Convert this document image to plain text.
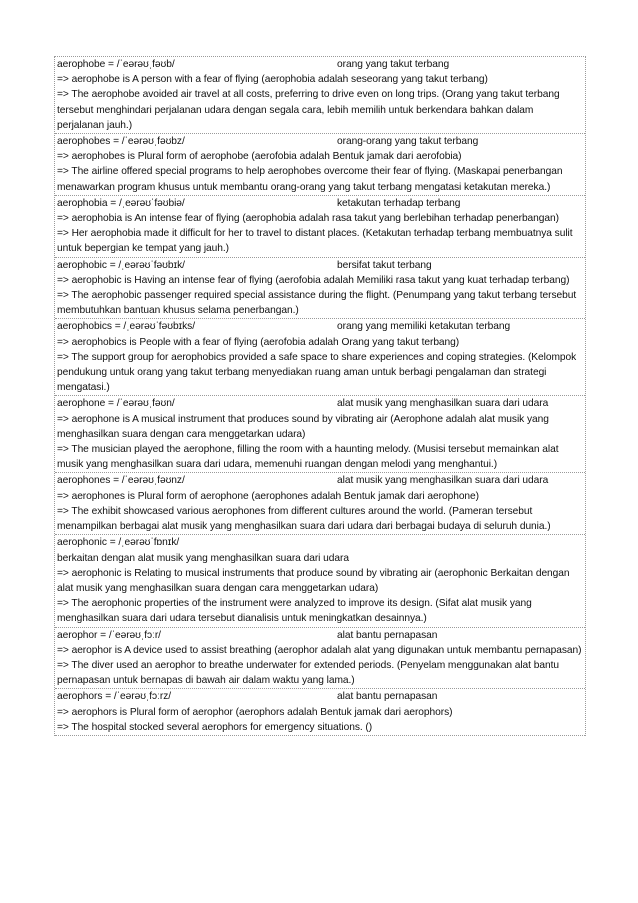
aerophobe = /ˈeərəʊˌfəʊb/	orang yang takut terbang
=> aerophobe is A person with a fear of flying (aerophobia adalah seseorang yang takut terbang)
=> The aerophobe avoided air travel at all costs, preferring to drive even on long trips. (Orang yang takut terbang tersebut menghindari perjalanan udara dengan segala cara, lebih memilih untuk berkendara bahkan dalam perjalanan jauh.)
aerophobes = /ˈeərəʊˌfəʊbz/	orang-orang yang takut terbang
=> aerophobes is Plural form of aerophobe (aerofobia adalah Bentuk jamak dari aerofobia)
=> The airline offered special programs to help aerophobes overcome their fear of flying. (Maskapai penerbangan menawarkan program khusus untuk membantu orang-orang yang takut terbang mengatasi ketakutan mereka.)
aerophobia = /ˌeərəʊˈfəʊbiə/	ketakutan terhadap terbang
=> aerophobia is An intense fear of flying (aerophobia adalah rasa takut yang berlebihan terhadap penerbangan)
=> Her aerophobia made it difficult for her to travel to distant places. (Ketakutan terhadap terbang membuatnya sulit untuk bepergian ke tempat yang jauh.)
aerophobic = /ˌeərəʊˈfəʊbɪk/	bersifat takut terbang
=> aerophobic is Having an intense fear of flying (aerofobia adalah Memiliki rasa takut yang kuat terhadap terbang)
=> The aerophobic passenger required special assistance during the flight. (Penumpang yang takut terbang tersebut membutuhkan bantuan khusus selama penerbangan.)
aerophobics = /ˌeərəʊˈfəʊbɪks/	orang yang memiliki ketakutan terbang
=> aerophobics is People with a fear of flying (aerofobia adalah Orang yang takut terbang)
=> The support group for aerophobics provided a safe space to share experiences and coping strategies. (Kelompok pendukung untuk orang yang takut terbang menyediakan ruang aman untuk berbagi pengalaman dan strategi mengatasi.)
aerophone = /ˈeərəʊˌfəʊn/	alat musik yang menghasilkan suara dari udara
=> aerophone is A musical instrument that produces sound by vibrating air (Aerophone adalah alat musik yang menghasilkan suara dengan cara menggetarkan udara)
=> The musician played the aerophone, filling the room with a haunting melody. (Musisi tersebut memainkan alat musik yang menghasilkan suara dari udara, memenuhi ruangan dengan melodi yang menghantui.)
aerophones = /ˈeərəʊˌfəʊnz/	alat musik yang menghasilkan suara dari udara
=> aerophones is Plural form of aerophone (aerophones adalah Bentuk jamak dari aerophone)
=> The exhibit showcased various aerophones from different cultures around the world. (Pameran tersebut menampilkan berbagai alat musik yang menghasilkan suara dari udara dari berbagai budaya di seluruh dunia.)
aerophonic = /ˌeərəʊˈfɒnɪk/
berkaitan dengan alat musik yang menghasilkan suara dari udara
=> aerophonic is Relating to musical instruments that produce sound by vibrating air (aerophonic Berkaitan dengan alat musik yang menghasilkan suara dengan cara menggetarkan udara)
=> The aerophonic properties of the instrument were analyzed to improve its design. (Sifat alat musik yang menghasilkan suara dari udara tersebut dianalisis untuk meningkatkan desainnya.)
aerophor = /ˈeərəʊˌfɔːr/	alat bantu pernapasan
=> aerophor is A device used to assist breathing (aerophor adalah alat yang digunakan untuk membantu pernapasan)
=> The diver used an aerophor to breathe underwater for extended periods. (Penyelam menggunakan alat bantu pernapasan untuk bernapas di bawah air dalam waktu yang lama.)
aerophors = /ˈeərəʊˌfɔːrz/	alat bantu pernapasan
=> aerophors is Plural form of aerophor (aerophors adalah Bentuk jamak dari aerophors)
=> The hospital stocked several aerophors for emergency situations. ()
